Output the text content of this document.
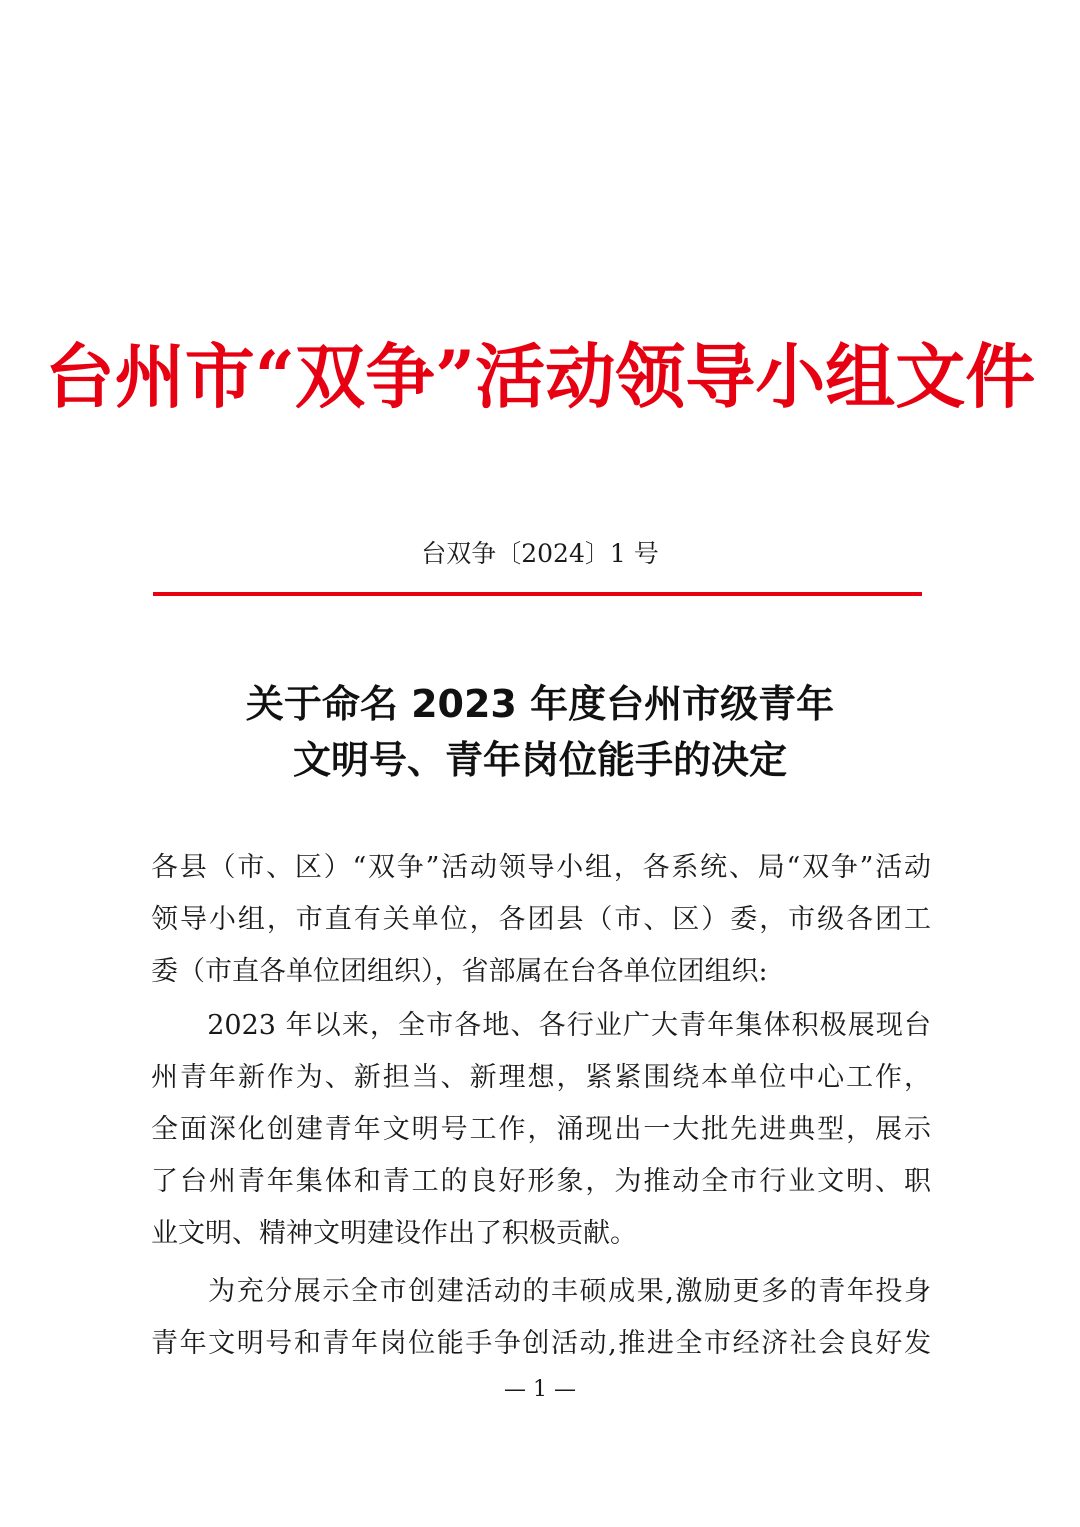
台州市“双争”活动领导小组文件
台双争〔2024〕1 号
关于命名 2023 年度台州市级青年
文明号、青年岗位能手的决定
各县（市、区）“双争”活动领导小组，各系统、局“双争”活动
领导小组，市直有关单位，各团县（市、区）委，市级各团工
委（市直各单位团组织），省部属在台各单位团组织:
　　2023 年以来，全市各地、各行业广大青年集体积极展现台
州青年新作为、新担当、新理想，紧紧围绕本单位中心工作，
全面深化创建青年文明号工作，涌现出一大批先进典型，展示
了台州青年集体和青工的良好形象，为推动全市行业文明、职
业文明、精神文明建设作出了积极贡献。
　　为充分展示全市创建活动的丰硕成果,激励更多的青年投身
青年文明号和青年岗位能手争创活动,推进全市经济社会良好发
— 1 —
